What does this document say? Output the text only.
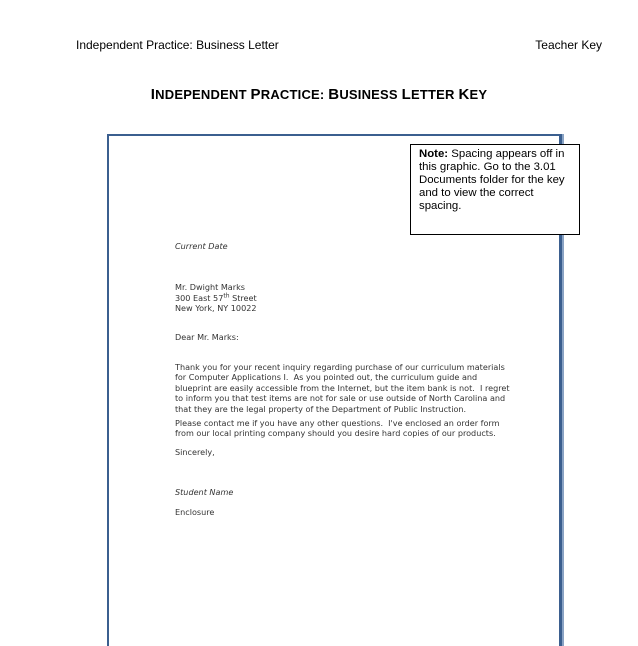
Independent Practice: Business Letter	Teacher Key
INDEPENDENT PRACTICE: BUSINESS LETTER KEY
Note: Spacing appears off in this graphic. Go to the 3.01 Documents folder for the key and to view the correct spacing.
Current Date
Mr. Dwight Marks
300 East 57th Street
New York, NY 10022
Dear Mr. Marks:
Thank you for your recent inquiry regarding purchase of our curriculum materials
for Computer Applications I.  As you pointed out, the curriculum guide and
blueprint are easily accessible from the Internet, but the item bank is not.  I regret
to inform you that test items are not for sale or use outside of North Carolina and
that they are the legal property of the Department of Public Instruction.
Please contact me if you have any other questions.  I've enclosed an order form
from our local printing company should you desire hard copies of our products.
Sincerely,
Student Name
Enclosure
